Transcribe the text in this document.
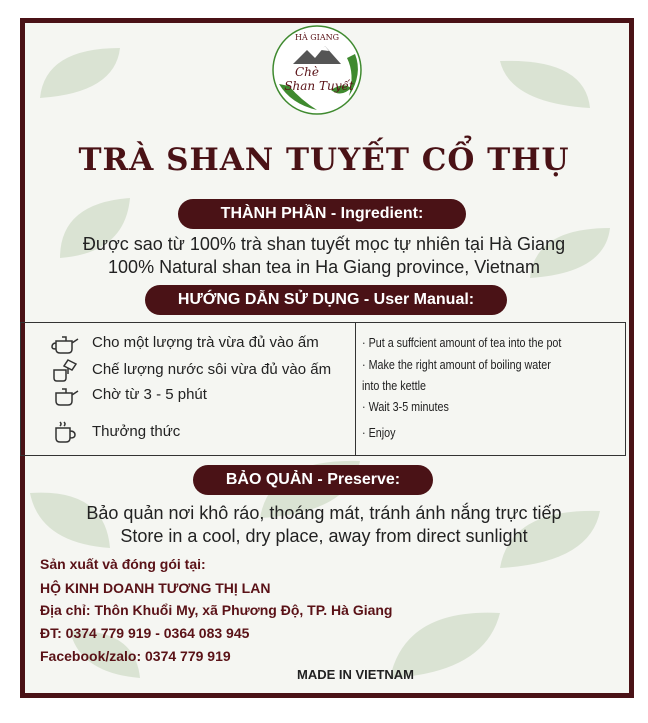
HÀ GIANG
Chè
Shan Tuyết
TRÀ SHAN TUYẾT CỔ THỤ
THÀNH PHẦN - Ingredient:
Được sao từ 100% trà shan tuyết mọc tự nhiên tại Hà Giang
100% Natural shan tea in Ha Giang province, Vietnam
HƯỚNG DẪN SỬ DỤNG - User Manual:
Cho một lượng trà vừa đủ vào ấm
Chế lượng nước sôi vừa đủ vào ấm
Chờ từ 3 - 5 phút
Thưởng thức
· Put a suffcient amount of tea into the pot
· Make the right amount of boiling water
into the kettle
· Wait 3-5 minutes
· Enjoy
BẢO QUẢN - Preserve:
Bảo quản nơi khô ráo, thoáng mát, tránh ánh nắng trực tiếp
Store in a cool, dry place, away from direct sunlight
Sản xuất và đóng gói tại:
HỘ KINH DOANH TƯƠNG THỊ LAN
Địa chỉ: Thôn Khuổi My, xã Phương Độ, TP. Hà Giang
ĐT: 0374 779 919 - 0364 083 945
Facebook/zalo: 0374 779 919
MADE IN VIETNAM
